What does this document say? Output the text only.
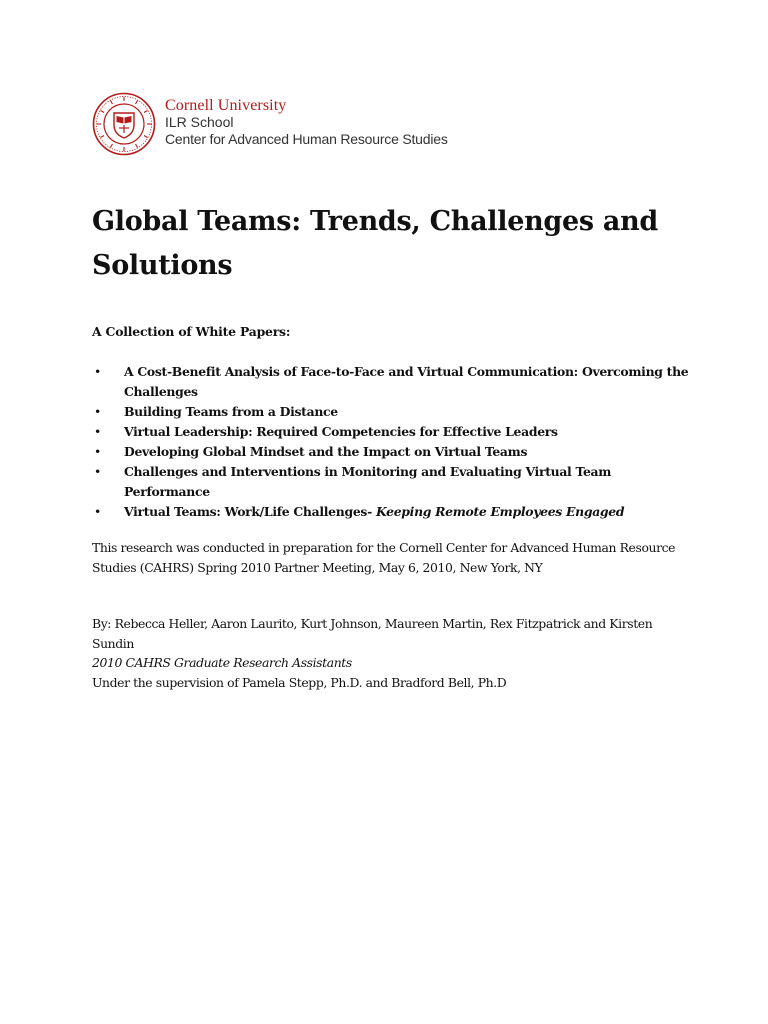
Cornell University
ILR School
Center for Advanced Human Resource Studies
Global Teams: Trends, Challenges and Solutions

A Collection of White Papers:

• A Cost-Benefit Analysis of Face-to-Face and Virtual Communication: Overcoming the Challenges
• Building Teams from a Distance
• Virtual Leadership: Required Competencies for Effective Leaders
• Developing Global Mindset and the Impact on Virtual Teams
• Challenges and Interventions in Monitoring and Evaluating Virtual Team Performance
• Virtual Teams: Work/Life Challenges- Keeping Remote Employees Engaged

This research was conducted in preparation for the Cornell Center for Advanced Human Resource Studies (CAHRS) Spring 2010 Partner Meeting, May 6, 2010, New York, NY

By: Rebecca Heller, Aaron Laurito, Kurt Johnson, Maureen Martin, Rex Fitzpatrick and Kirsten Sundin
2010 CAHRS Graduate Research Assistants
Under the supervision of Pamela Stepp, Ph.D. and Bradford Bell, Ph.D
